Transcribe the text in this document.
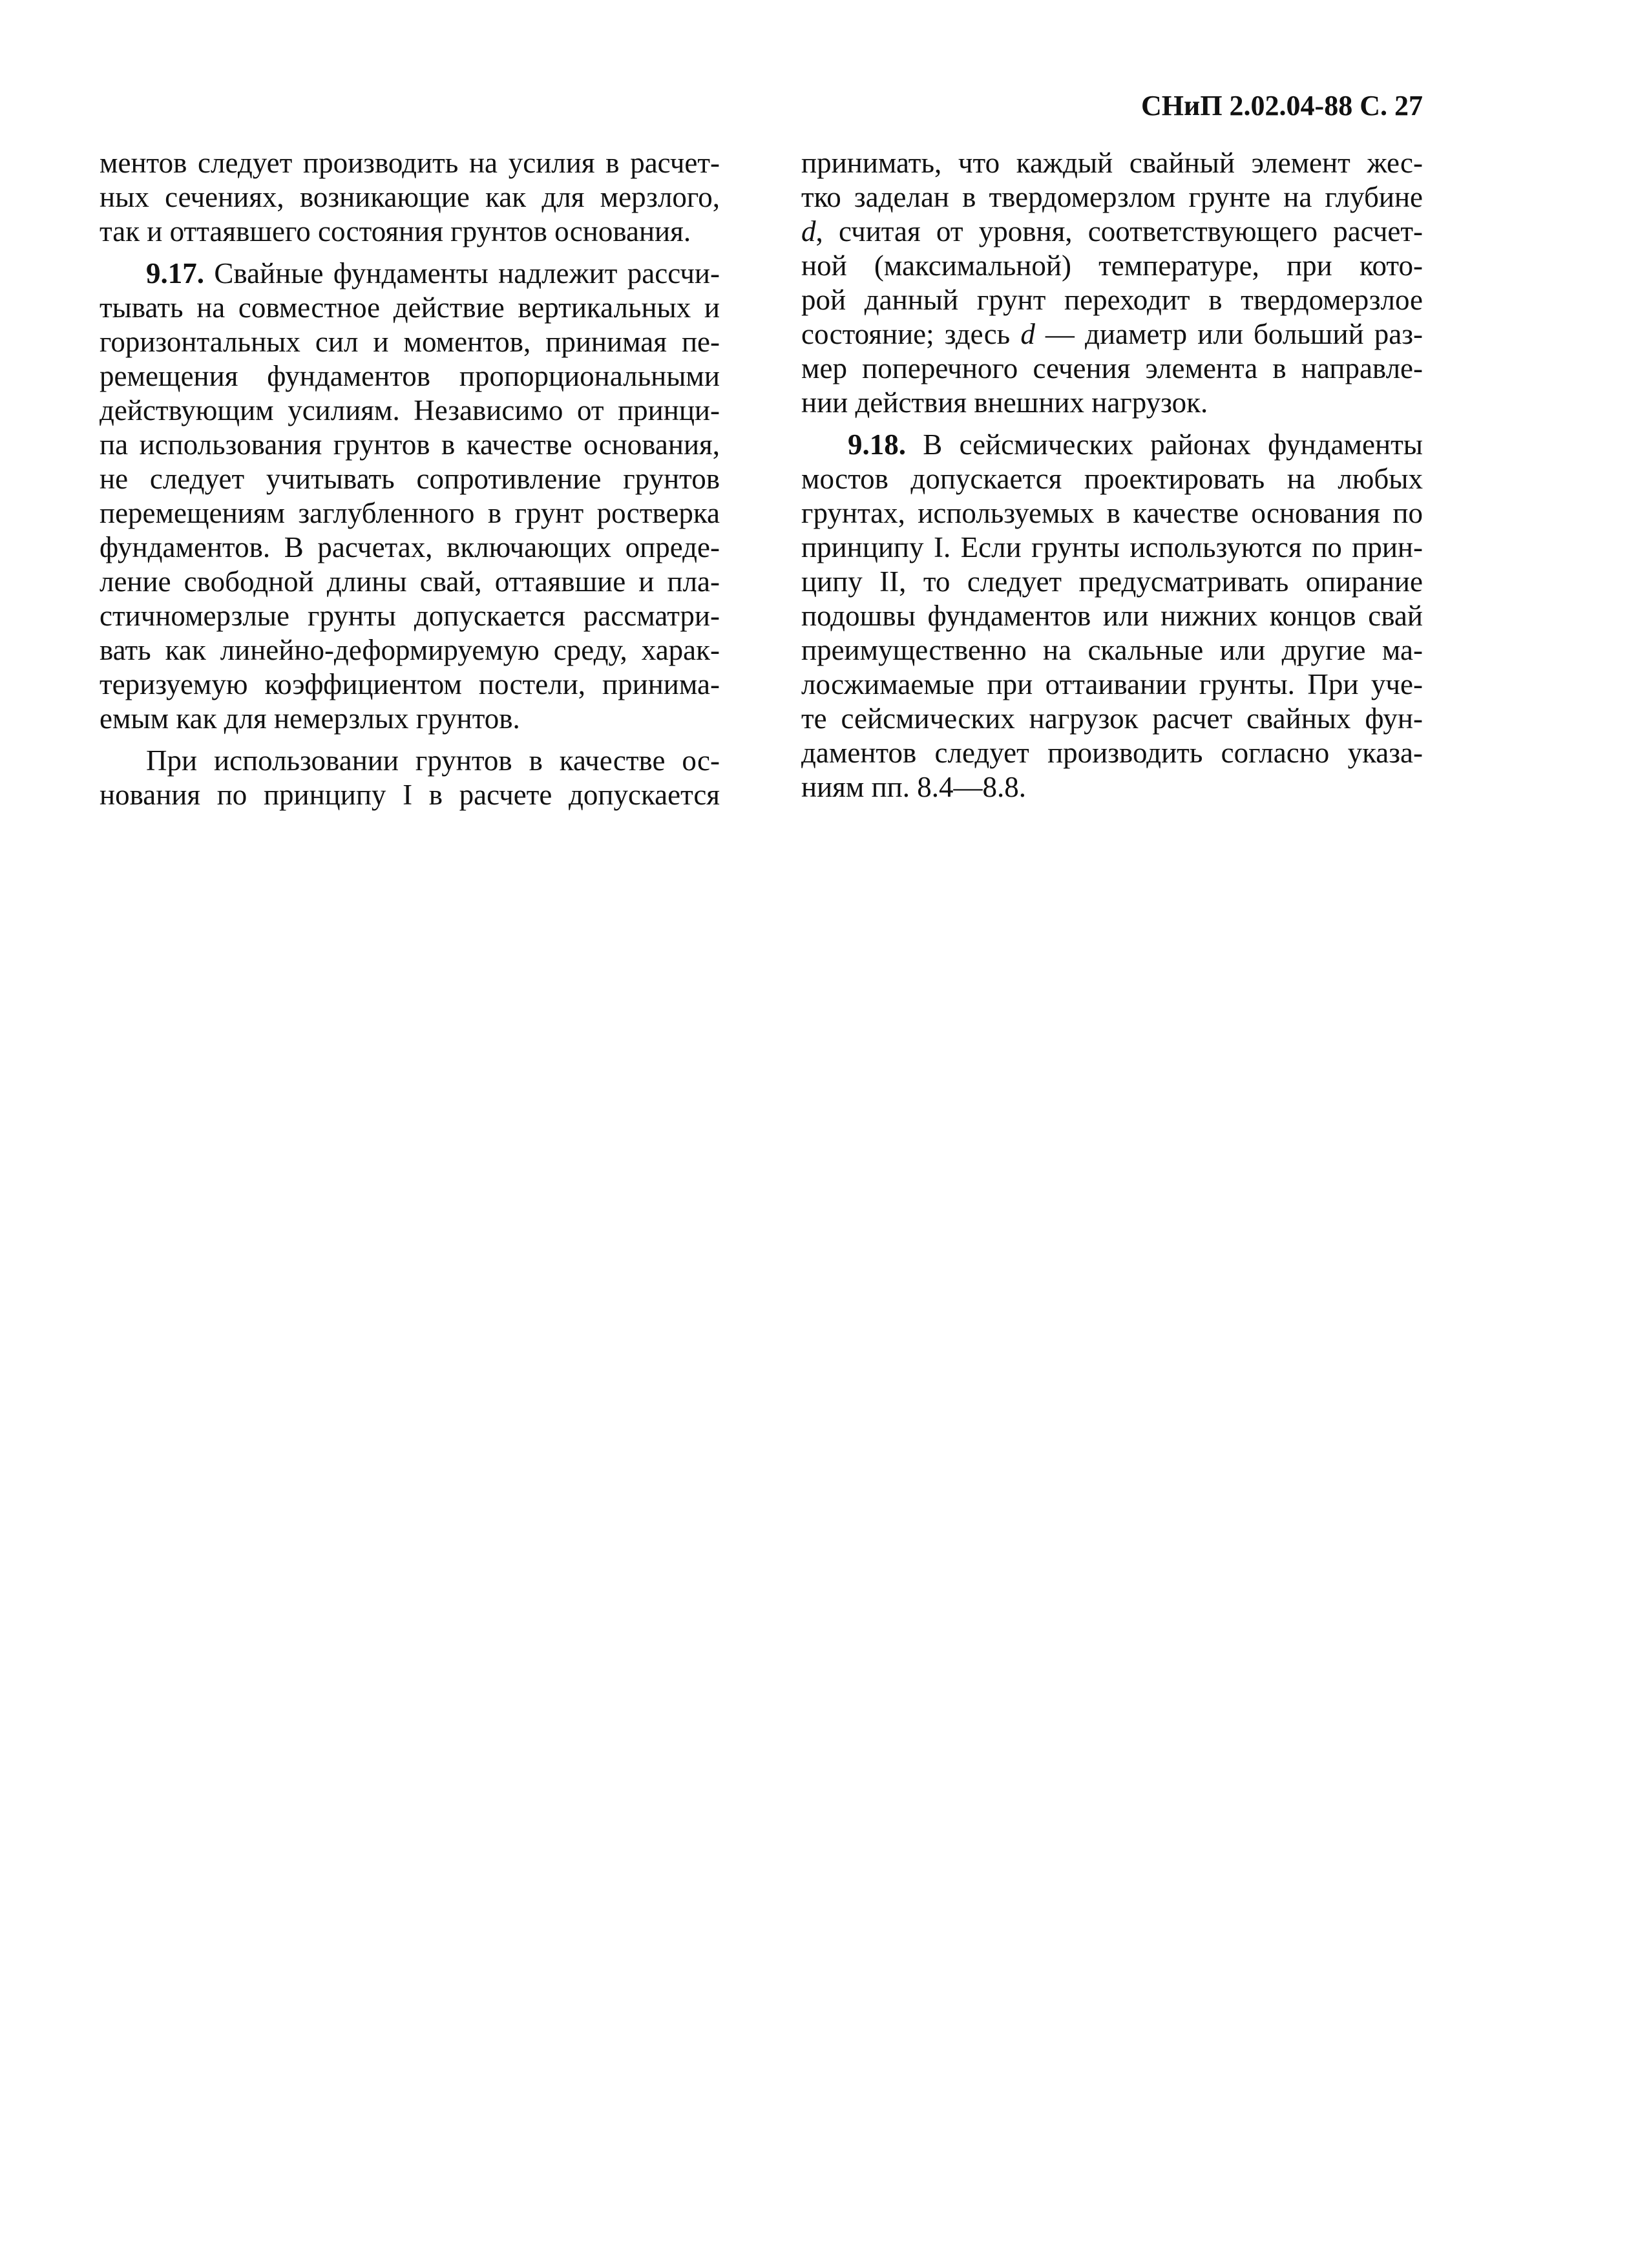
СНиП 2.02.04-88 С. 27

ментов следует производить на усилия в расчет-
ных сечениях, возникающие как для мерзлого,
так и оттаявшего состояния грунтов основания.

9.17. Свайные фундаменты надлежит рассчи-
тывать на совместное действие вертикальных и
горизонтальных сил и моментов, принимая пе-
ремещения фундаментов пропорциональными
действующим усилиям. Независимо от принци-
па использования грунтов в качестве основания,
не следует учитывать сопротивление грунтов
перемещениям заглубленного в грунт ростверка
фундаментов. В расчетах, включающих опреде-
ление свободной длины свай, оттаявшие и пла-
стичномерзлые грунты допускается рассматри-
вать как линейно-деформируемую среду, харак-
теризуемую коэффициентом постели, принима-
емым как для немерзлых грунтов.

При использовании грунтов в качестве ос-
нования по принципу I в расчете допускается

принимать, что каждый свайный элемент жес-
тко заделан в твердомерзлом грунте на глубине
d, считая от уровня, соответствующего расчет-
ной (максимальной) температуре, при кото-
рой данный грунт переходит в твердомерзлое
состояние; здесь d — диаметр или больший раз-
мер поперечного сечения элемента в направле-
нии действия внешних нагрузок.

9.18. В сейсмических районах фундаменты
мостов допускается проектировать на любых
грунтах, используемых в качестве основания по
принципу I. Если грунты используются по прин-
ципу II, то следует предусматривать опирание
подошвы фундаментов или нижних концов свай
преимущественно на скальные или другие ма-
лосжимаемые при оттаивании грунты. При уче-
те сейсмических нагрузок расчет свайных фун-
даментов следует производить согласно указа-
ниям пп. 8.4—8.8.
